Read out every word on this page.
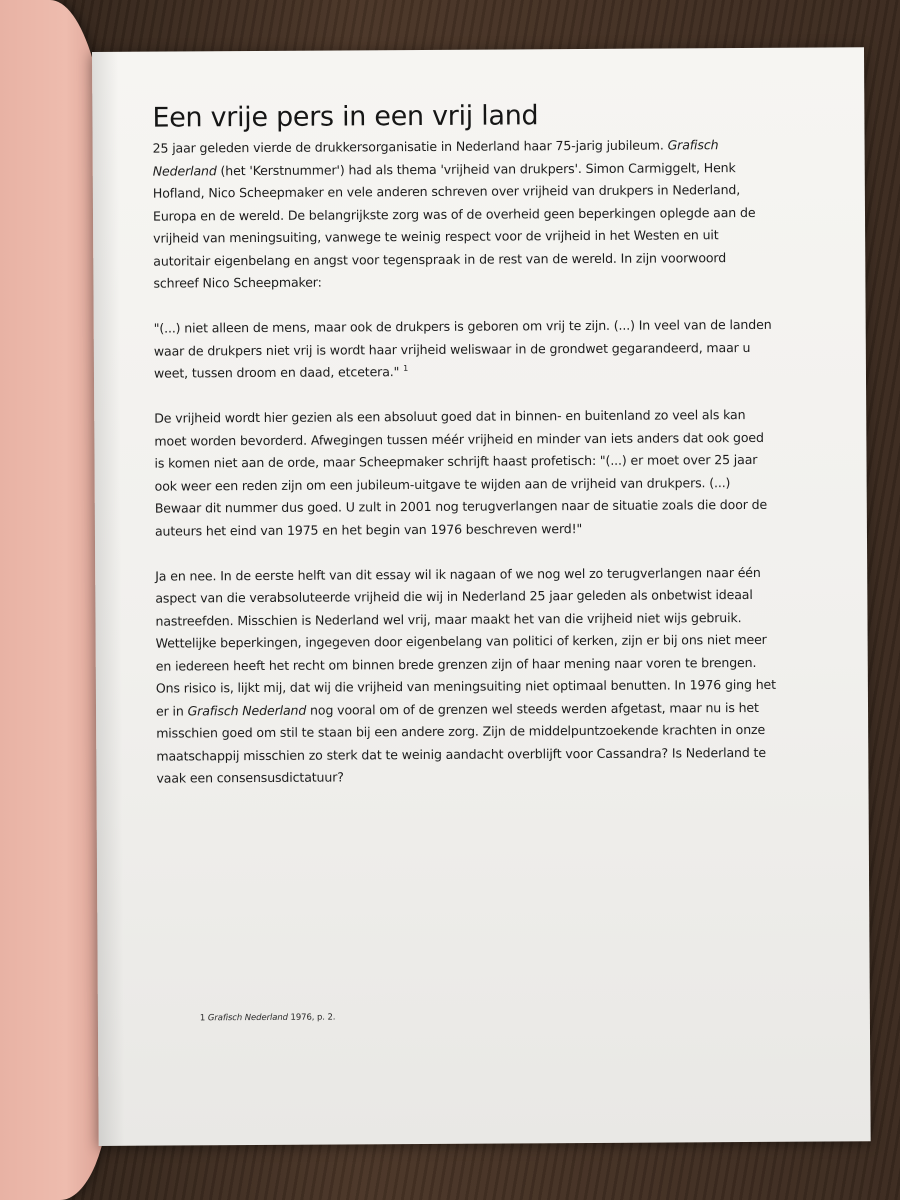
Een vrije pers in een vrij land

25 jaar geleden vierde de drukkersorganisatie in Nederland haar 75-jarig jubileum. Grafisch Nederland (het 'Kerstnummer') had als thema 'vrijheid van drukpers'. Simon Carmiggelt, Henk Hofland, Nico Scheepmaker en vele anderen schreven over vrijheid van drukpers in Nederland, Europa en de wereld. De belangrijkste zorg was of de overheid geen beperkingen oplegde aan de vrijheid van meningsuiting, vanwege te weinig respect voor de vrijheid in het Westen en uit autoritair eigenbelang en angst voor tegenspraak in de rest van de wereld. In zijn voorwoord schreef Nico Scheepmaker:

"(...) niet alleen de mens, maar ook de drukpers is geboren om vrij te zijn. (...) In veel van de landen waar de drukpers niet vrij is wordt haar vrijheid weliswaar in de grondwet gegarandeerd, maar u weet, tussen droom en daad, etcetera." $^1$

De vrijheid wordt hier gezien als een absoluut goed dat in binnen- en buitenland zo veel als kan moet worden bevorderd. Afwegingen tussen méér vrijheid en minder van iets anders dat ook goed is komen niet aan de orde, maar Scheepmaker schrijft haast profetisch: "(...) er moet over 25 jaar ook weer een reden zijn om een jubileum-uitgave te wijden aan de vrijheid van drukpers. (...) Bewaar dit nummer dus goed. U zult in 2001 nog terugverlangen naar de situatie zoals die door de auteurs het eind van 1975 en het begin van 1976 beschreven werd!"

Ja en nee. In de eerste helft van dit essay wil ik nagaan of we nog wel zo terugverlangen naar één aspect van die verabsoluteerde vrijheid die wij in Nederland 25 jaar geleden als onbetwist ideaal nastreefden. Misschien is Nederland wel vrij, maar maakt het van die vrijheid niet wijs gebruik. Wettelijke beperkingen, ingegeven door eigenbelang van politici of kerken, zijn er bij ons niet meer en iedereen heeft het recht om binnen brede grenzen zijn of haar mening naar voren te brengen. Ons risico is, lijkt mij, dat wij die vrijheid van meningsuiting niet optimaal benutten. In 1976 ging het er in Grafisch Nederland nog vooral om of de grenzen wel steeds werden afgetast, maar nu is het misschien goed om stil te staan bij een andere zorg. Zijn de middelpuntzoekende krachten in onze maatschappij misschien zo sterk dat te weinig aandacht overblijft voor Cassandra? Is Nederland te vaak een consensusdictatuur?

1 Grafisch Nederland 1976, p. 2.
